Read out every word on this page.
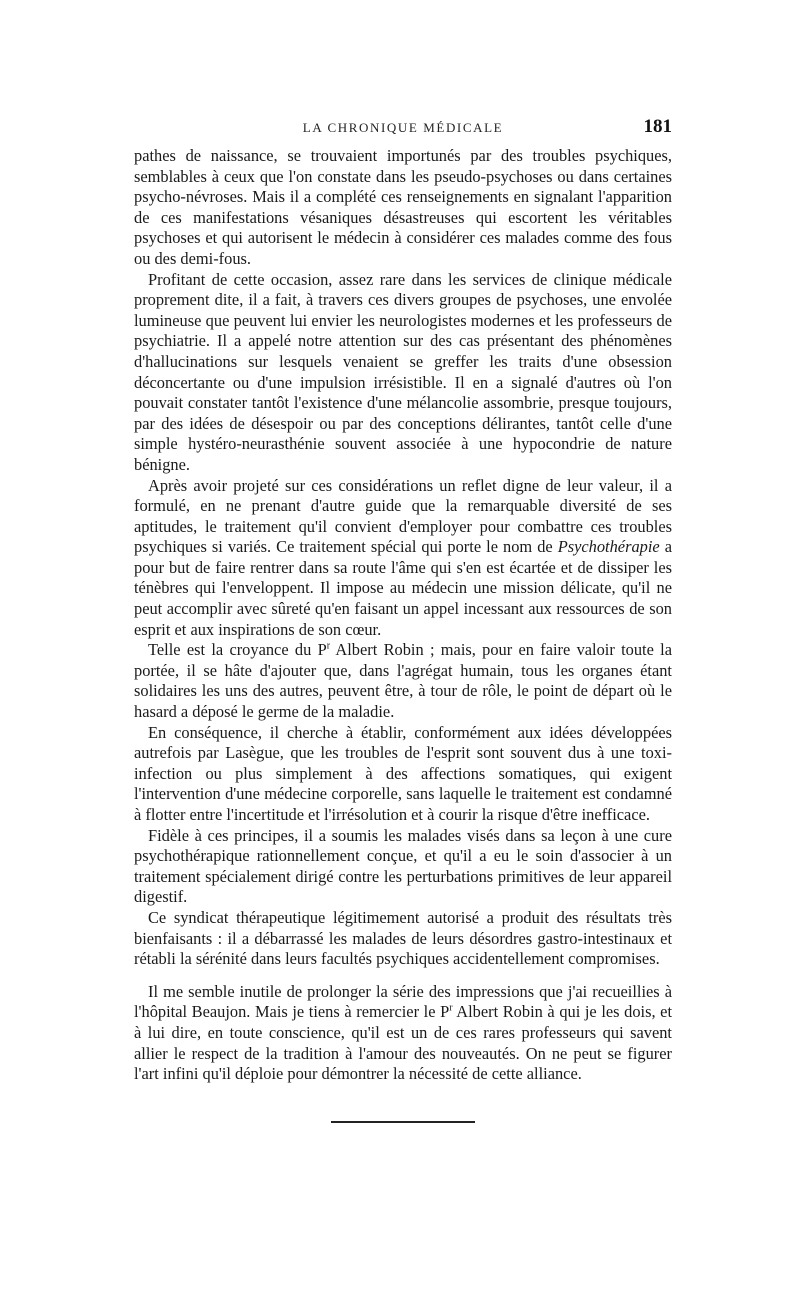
LA CHRONIQUE MÉDICALE	181

pathes de naissance, se trouvaient importunés par des troubles psychiques, semblables à ceux que l'on constate dans les pseudo-psychoses ou dans certaines psycho-névroses. Mais il a complété ces renseignements en signalant l'apparition de ces manifestations vésaniques désastreuses qui escortent les véritables psychoses et qui autorisent le médecin à considérer ces malades comme des fous ou des demi-fous.

Profitant de cette occasion, assez rare dans les services de clinique médicale proprement dite, il a fait, à travers ces divers groupes de psychoses, une envolée lumineuse que peuvent lui envier les neurologistes modernes et les professeurs de psychiatrie. Il a appelé notre attention sur des cas présentant des phénomènes d'hallucinations sur lesquels venaient se greffer les traits d'une obsession déconcertante ou d'une impulsion irrésistible. Il en a signalé d'autres où l'on pouvait constater tantôt l'existence d'une mélancolie assombrie, presque toujours, par des idées de désespoir ou par des conceptions délirantes, tantôt celle d'une simple hystéro-neurasthénie souvent associée à une hypocondrie de nature bénigne.

Après avoir projeté sur ces considérations un reflet digne de leur valeur, il a formulé, en ne prenant d'autre guide que la remarquable diversité de ses aptitudes, le traitement qu'il convient d'employer pour combattre ces troubles psychiques si variés. Ce traitement spécial qui porte le nom de Psychothérapie a pour but de faire rentrer dans sa route l'âme qui s'en est écartée et de dissiper les ténèbres qui l'enveloppent. Il impose au médecin une mission délicate, qu'il ne peut accomplir avec sûreté qu'en faisant un appel incessant aux ressources de son esprit et aux inspirations de son cœur.

Telle est la croyance du $P^r$ Albert Robin ; mais, pour en faire valoir toute la portée, il se hâte d'ajouter que, dans l'agrégat humain, tous les organes étant solidaires les uns des autres, peuvent être, à tour de rôle, le point de départ où le hasard a déposé le germe de la maladie.

En conséquence, il cherche à établir, conformément aux idées développées autrefois par Lasègue, que les troubles de l'esprit sont souvent dus à une toxi-infection ou plus simplement à des affections somatiques, qui exigent l'intervention d'une médecine corporelle, sans laquelle le traitement est condamné à flotter entre l'incertitude et l'irrésolution et à courir la risque d'être inefficace.

Fidèle à ces principes, il a soumis les malades visés dans sa leçon à une cure psychothérapique rationnellement conçue, et qu'il a eu le soin d'associer à un traitement spécialement dirigé contre les perturbations primitives de leur appareil digestif.

Ce syndicat thérapeutique légitimement autorisé a produit des résultats très bienfaisants : il a débarrassé les malades de leurs désordres gastro-intestinaux et rétabli la sérénité dans leurs facultés psychiques accidentellement compromises.

Il me semble inutile de prolonger la série des impressions que j'ai recueillies à l'hôpital Beaujon. Mais je tiens à remercier le $P^r$ Albert Robin à qui je les dois, et à lui dire, en toute conscience, qu'il est un de ces rares professeurs qui savent allier le respect de la tradition à l'amour des nouveautés. On ne peut se figurer l'art infini qu'il déploie pour démontrer la nécessité de cette alliance.
